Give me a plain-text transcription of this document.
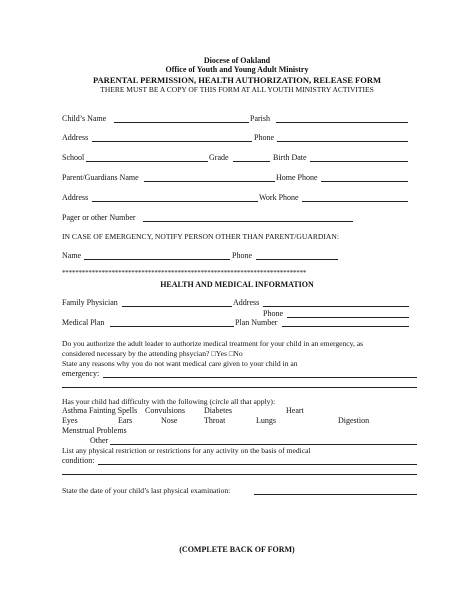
Diocese of Oakland
Office of Youth and Young Adult Ministry
PARENTAL PERMISSION, HEALTH AUTHORIZATION, RELEASE FORM
THERE MUST BE A COPY OF THIS FORM AT ALL YOUTH MINISTRY ACTIVITIES
Child’s Name	Parish
Address	Phone
School	Grade	Birth Date
Parent/Guardians Name	Home Phone
Address	Work Phone
Pager or other Number
IN CASE OF EMERGENCY, NOTIFY PERSON OTHER THAN PARENT/GUARDIAN:
Name	Phone
**************************************************************************
HEALTH AND MEDICAL INFORMATION
Family Physician	Address
Phone
Medical Plan	Plan Number
Do you authorize the adult leader to authorize medical treatment for your child in an emergency, as
considered necessary by the attending phsycian? □Yes □No
State any reasons why you do not want medical care given to your child in an
emergency:
Has your child had difficulty with the following (circle all that apply):
Asthma Fainting Spells Convulsions Diabetes	Heart
Eyes	Ears	Nose	Throat	Lungs	Digestion
Menstrual Problems
Other
List any physical restriction or restrictions for any activity on the basis of medical
condition:
State the date of your child’s last physical examination:
(COMPLETE BACK OF FORM)
